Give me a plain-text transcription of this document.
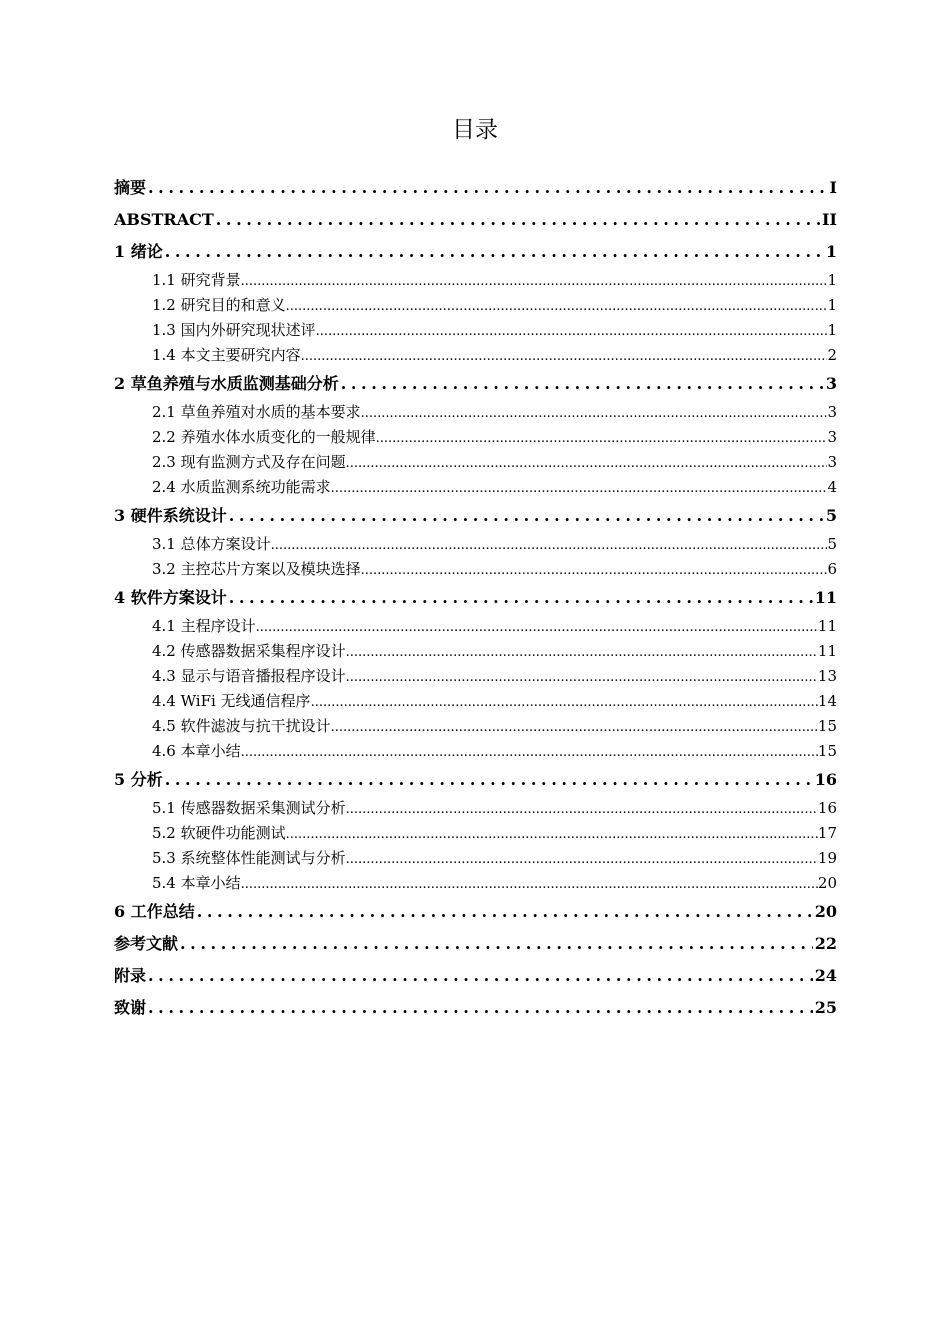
目录
摘要 .....	I
ABSTRACT .....	II
1 绪论 .....	1
1.1 研究背景 .....	1
1.2 研究目的和意义 .....	1
1.3 国内外研究现状述评 .....	1
1.4 本文主要研究内容 .....	2
2 草鱼养殖与水质监测基础分析 .....	3
2.1 草鱼养殖对水质的基本要求 .....	3
2.2 养殖水体水质变化的一般规律 .....	3
2.3 现有监测方式及存在问题 .....	3
2.4 水质监测系统功能需求 .....	4
3 硬件系统设计 .....	5
3.1 总体方案设计 .....	5
3.2 主控芯片方案以及模块选择 .....	6
4 软件方案设计 .....	11
4.1 主程序设计 .....	11
4.2 传感器数据采集程序设计 .....	11
4.3 显示与语音播报程序设计 .....	13
4.4 WiFi 无线通信程序 .....	14
4.5 软件滤波与抗干扰设计 .....	15
4.6 本章小结 .....	15
5 分析 .....	16
5.1 传感器数据采集测试分析 .....	16
5.2 软硬件功能测试 .....	17
5.3 系统整体性能测试与分析 .....	19
5.4 本章小结 .....	20
6 工作总结 .....	20
参考文献 .....	22
附录 .....	24
致谢 .....	25
